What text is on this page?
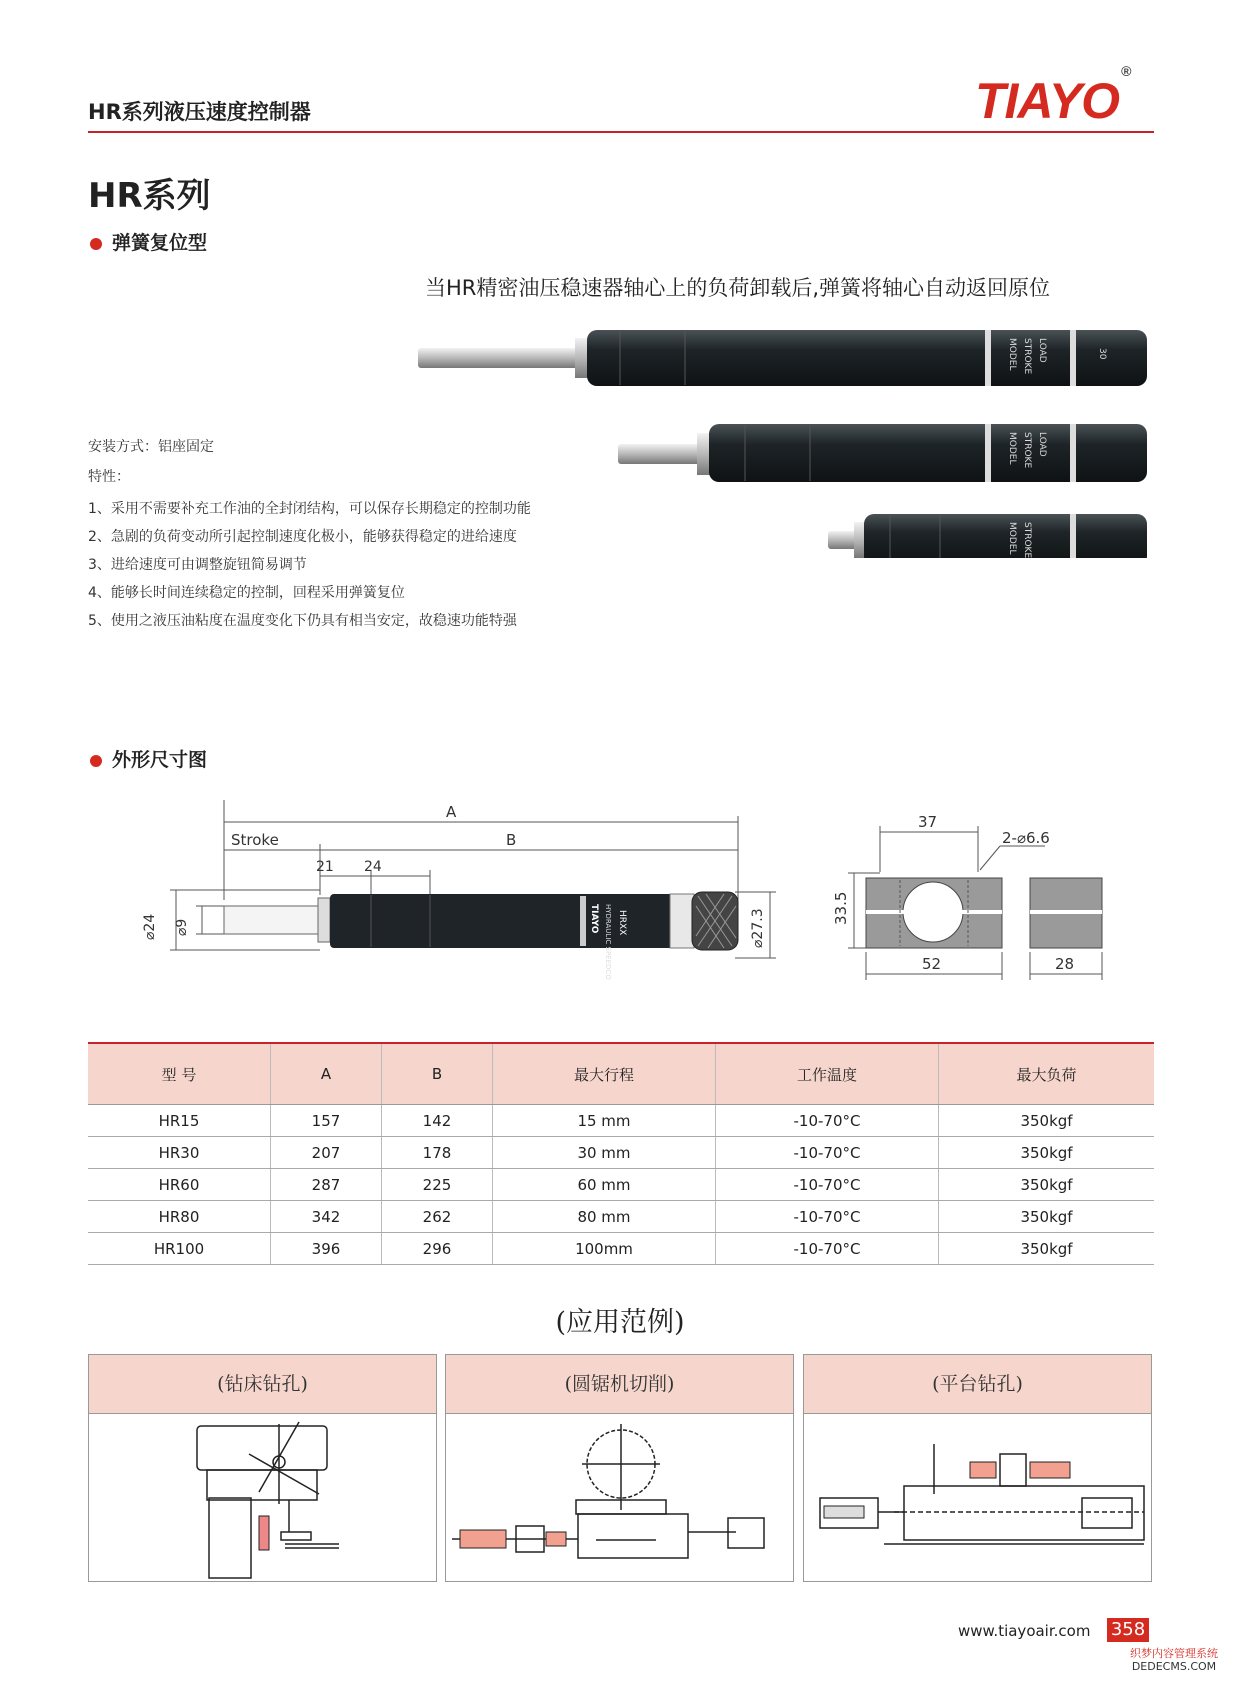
HR系列液压速度控制器	TIAYO®
HR系列
弹簧复位型
当HR精密油压稳速器轴心上的负荷卸载后,弹簧将轴心自动返回原位
MODEL STROKE LOAD	30
MODEL STROKE LOAD
MODEL STROKE
安装方式：铝座固定
特性：
1、采用不需要补充工作油的全封闭结构，可以保存长期稳定的控制功能
2、急剧的负荷变动所引起控制速度化极小，能够获得稳定的进给速度
3、进给速度可由调整旋钮简易调节
4、能够长时间连续稳定的控制，回程采用弹簧复位
5、使用之液压油粘度在温度变化下仍具有相当安定，故稳速功能特强
外形尺寸图
TIAYO HYDRAULIC SPEEDCO HRXX
A
B
Stroke
21 24
⌀24 ⌀9	⌀27.3
37
2-⌀6.6
33.5
52	28
型 号	A	B	最大行程	工作温度	最大负荷
HR15	157	142	15 mm	-10-70°C	350kgf
HR30	207	178	30 mm	-10-70°C	350kgf
HR60	287	225	60 mm	-10-70°C	350kgf
HR80	342	262	80 mm	-10-70°C	350kgf
HR100	396	296	100mm	-10-70°C	350kgf
(应用范例)
(钻床钻孔)	(圆锯机切削)	(平台钻孔)
www.tiayoair.com 358
织梦内容管理系统
DEDECMS.COM
